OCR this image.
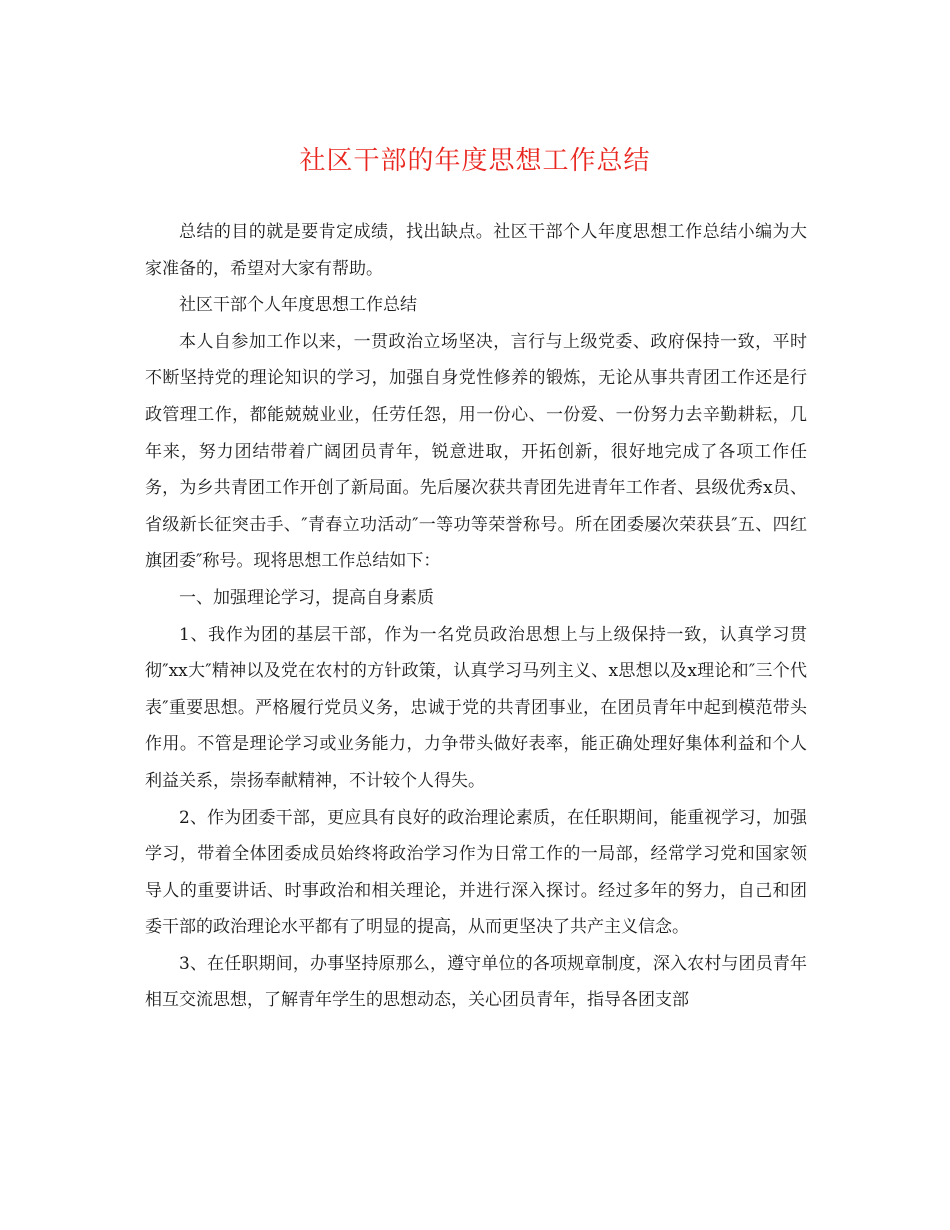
社区干部的年度思想工作总结

总结的目的就是要肯定成绩，找出缺点。社区干部个人年度思想工作总结小编为大家准备的，希望对大家有帮助。

社区干部个人年度思想工作总结

本人自参加工作以来，一贯政治立场坚决，言行与上级党委、政府保持一致，平时不断坚持党的理论知识的学习，加强自身党性修养的锻炼，无论从事共青团工作还是行政管理工作，都能兢兢业业，任劳任怨，用一份心、一份爱、一份努力去辛勤耕耘，几年来，努力团结带着广阔团员青年，锐意进取，开拓创新，很好地完成了各项工作任务，为乡共青团工作开创了新局面。先后屡次获共青团先进青年工作者、县级优秀x员、省级新长征突击手、″青春立功活动″一等功等荣誉称号。所在团委屡次荣获县″五、四红旗团委″称号。现将思想工作总结如下：

一、加强理论学习，提高自身素质

1、我作为团的基层干部，作为一名党员政治思想上与上级保持一致，认真学习贯彻″xx大″精神以及党在农村的方针政策，认真学习马列主义、x思想以及x理论和″三个代表″重要思想。严格履行党员义务，忠诚于党的共青团事业，在团员青年中起到模范带头作用。不管是理论学习或业务能力，力争带头做好表率，能正确处理好集体利益和个人利益关系，崇扬奉献精神，不计较个人得失。

2、作为团委干部，更应具有良好的政治理论素质，在任职期间，能重视学习，加强学习，带着全体团委成员始终将政治学习作为日常工作的一局部，经常学习党和国家领导人的重要讲话、时事政治和相关理论，并进行深入探讨。经过多年的努力，自己和团委干部的政治理论水平都有了明显的提高，从而更坚决了共产主义信念。

3、在任职期间，办事坚持原那么，遵守单位的各项规章制度，深入农村与团员青年相互交流思想，了解青年学生的思想动态，关心团员青年，指导各团支部
